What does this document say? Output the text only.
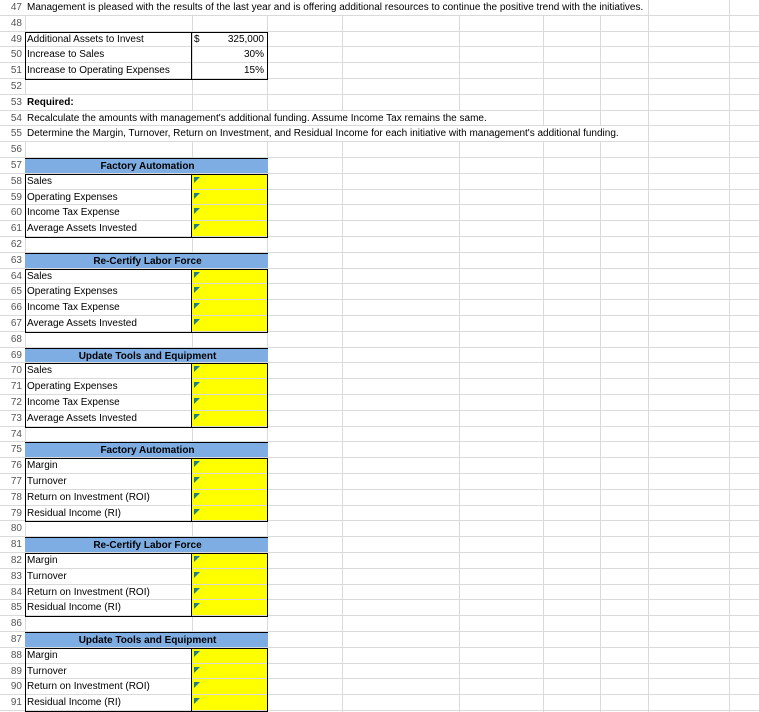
47 Management is pleased with the results of the last year and is offering additional resources to continue the positive trend with the initiatives.
48
49 Additional Assets to Invest	$	325,000
50 Increase to Sales	30%
51 Increase to Operating Expenses	15%
52
53 Required:
54 Recalculate the amounts with management's additional funding. Assume Income Tax remains the same.
55 Determine the Margin, Turnover, Return on Investment, and Residual Income for each initiative with management's additional funding.
56
57	Factory Automation
58 Sales
59 Operating Expenses
60 Income Tax Expense
61 Average Assets Invested
62
63	Re-Certify Labor Force
64 Sales
65 Operating Expenses
66 Income Tax Expense
67 Average Assets Invested
68
69	Update Tools and Equipment
70 Sales
71 Operating Expenses
72 Income Tax Expense
73 Average Assets Invested
74
75	Factory Automation
76 Margin
77 Turnover
78 Return on Investment (ROI)
79 Residual Income (RI)
80
81	Re-Certify Labor Force
82 Margin
83 Turnover
84 Return on Investment (ROI)
85 Residual Income (RI)
86
87	Update Tools and Equipment
88 Margin
89 Turnover
90 Return on Investment (ROI)
91 Residual Income (RI)
